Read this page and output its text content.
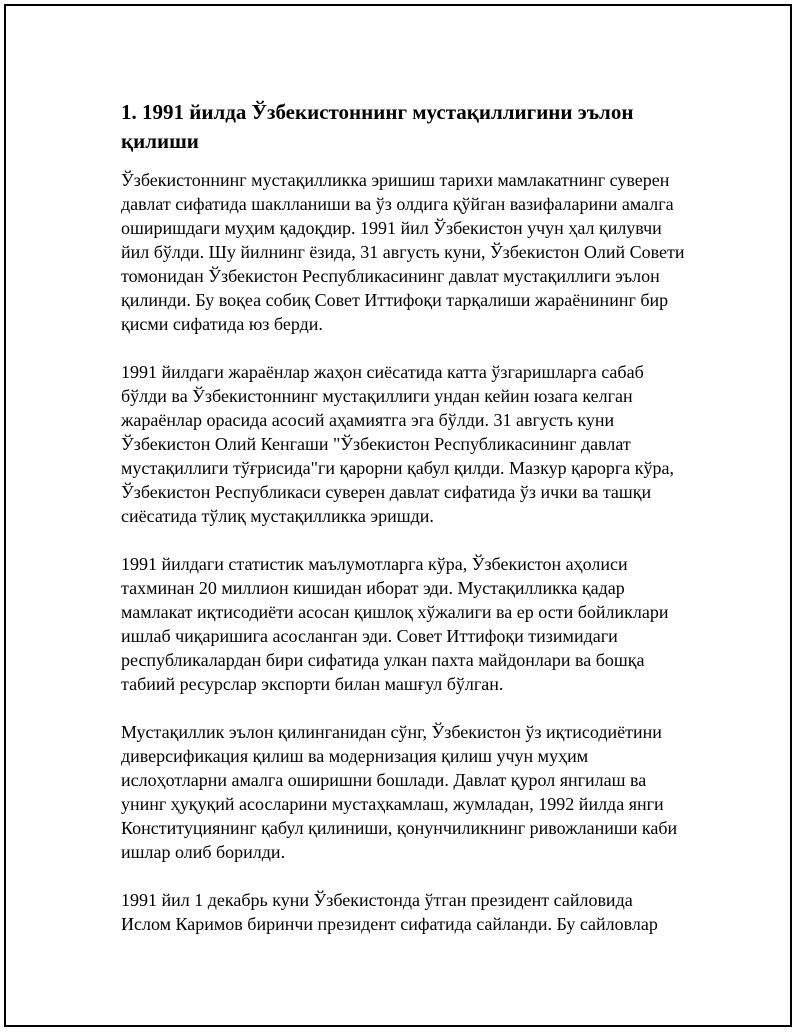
1. 1991 йилда Ўзбекистоннинг мустақиллигини эълон қилиши

Ўзбекистоннинг мустақилликка эришиш тарихи мамлакатнинг суверен давлат сифатида шаклланиши ва ўз олдига қўйган вазифаларини амалга оширишдаги муҳим қадоқдир. 1991 йил Ўзбекистон учун ҳал қилувчи йил бўлди. Шу йилнинг ёзида, 31 августь куни, Ўзбекистон Олий Совети томонидан Ўзбекистон Республикасининг давлат мустақиллиги эълон қилинди. Бу воқеа собиқ Совет Иттифоқи тарқалиши жараёнининг бир қисми сифатида юз берди.

1991 йилдаги жараёнлар жаҳон сиёсатида катта ўзгаришларга сабаб бўлди ва Ўзбекистоннинг мустақиллиги ундан кейин юзага келган жараёнлар орасида асосий аҳамиятга эга бўлди. 31 августь куни Ўзбекистон Олий Кенгаши "Ўзбекистон Республикасининг давлат мустақиллиги тўғрисида"ги қарорни қабул қилди. Мазкур қарорга кўра, Ўзбекистон Республикаси суверен давлат сифатида ўз ички ва ташқи сиёсатида тўлиқ мустақилликка эришди.

1991 йилдаги статистик маълумотларга кўра, Ўзбекистон аҳолиси тахминан 20 миллион кишидан иборат эди. Мустақилликка қадар мамлакат иқтисодиёти асосан қишлоқ хўжалиги ва ер ости бойликлари ишлаб чиқаришига асосланган эди. Совет Иттифоқи тизимидаги республикалардан бири сифатида улкан пахта майдонлари ва бошқа табиий ресурслар экспорти билан машғул бўлган.

Мустақиллик эълон қилинганидан сўнг, Ўзбекистон ўз иқтисодиётини диверсификация қилиш ва модернизация қилиш учун муҳим ислоҳотларни амалга оширишни бошлади. Давлат қурол янгилаш ва унинг ҳуқуқий асосларини мустаҳкамлаш, жумладан, 1992 йилда янги Конституциянинг қабул қилиниши, қонунчиликнинг ривожланиши каби ишлар олиб борилди.

1991 йил 1 декабрь куни Ўзбекистонда ўтган президент сайловида Ислом Каримов биринчи президент сифатида сайланди. Бу сайловлар
